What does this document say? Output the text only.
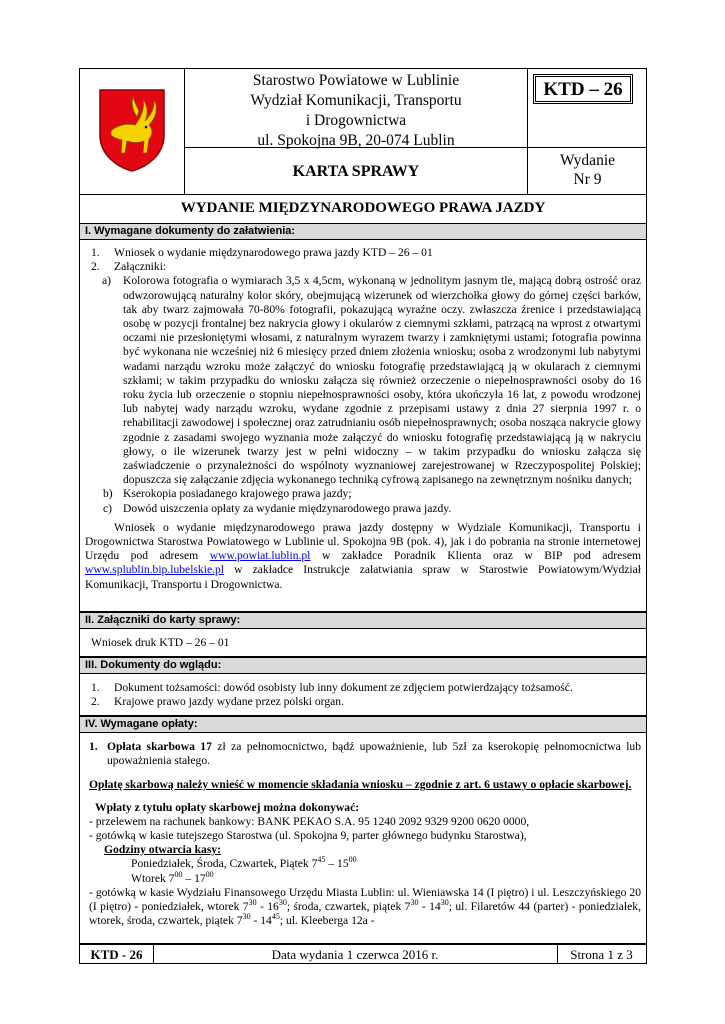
Starostwo Powiatowe w Lublinie
Wydział Komunikacji, Transportu
i Drogownictwa
ul. Spokojna 9B, 20-074 Lublin
KTD – 26
KARTA SPRAWY
Wydanie
Nr 9
WYDANIE MIĘDZYNARODOWEGO PRAWA JAZDY
I. Wymagane dokumenty do załatwienia:
1. Wniosek o wydanie międzynarodowego prawa jazdy KTD – 26 – 01
2. Załączniki:
a) Kolorowa fotografia o wymiarach 3,5 x 4,5cm, wykonaną w jednolitym jasnym tle, mającą dobrą ostrość oraz odwzorowującą naturalny kolor skóry, obejmującą wizerunek od wierzchołka głowy do górnej części barków, tak aby twarz zajmowała 70-80% fotografii, pokazującą wyraźne oczy. zwłaszcza źrenice i przedstawiającą osobę w pozycji frontalnej bez nakrycia głowy i okularów z ciemnymi szkłami, patrzącą na wprost z otwartymi oczami nie przesłoniętymi włosami, z naturalnym wyrazem twarzy i zamkniętymi ustami; fotografia powinna być wykonana nie wcześniej niż 6 miesięcy przed dniem złożenia wniosku; osoba z wrodzonymi lub nabytymi wadami narządu wzroku może załączyć do wniosku fotografię przedstawiającą ją w okularach z ciemnymi szkłami; w takim przypadku do wniosku załącza się również orzeczenie o niepełnosprawności osoby do 16 roku życia lub orzeczenie o stopniu niepełnosprawności osoby, która ukończyła 16 lat, z powodu wrodzonej lub nabytej wady narządu wzroku, wydane zgodnie z przepisami ustawy z dnia 27 sierpnia 1997 r. o rehabilitacji zawodowej i społecznej oraz zatrudnianiu osób niepełnosprawnych; osoba nosząca nakrycie głowy zgodnie z zasadami swojego wyznania może załączyć do wniosku fotografię przedstawiającą ją w nakryciu głowy, o ile wizerunek twarzy jest w pełni widoczny – w takim przypadku do wniosku załącza się zaświadczenie o przynależności do wspólnoty wyznaniowej zarejestrowanej w Rzeczypospolitej Polskiej; dopuszcza się załączanie zdjęcia wykonanego techniką cyfrową zapisanego na zewnętrznym nośniku danych;
b) Kserokopia posiadanego krajowego prawa jazdy;
c) Dowód uiszczenia opłaty za wydanie międzynarodowego prawa jazdy.
Wniosek o wydanie międzynarodowego prawa jazdy dostępny w Wydziale Komunikacji, Transportu i Drogownictwa Starostwa Powiatowego w Lublinie ul. Spokojna 9B (pok. 4), jak i do pobrania na stronie internetowej Urzędu pod adresem www.powiat.lublin.pl w zakładce Poradnik Klienta oraz w BIP pod adresem www.splublin.bip.lubelskie.pl w zakładce Instrukcje załatwiania spraw w Starostwie Powiatowym/Wydział Komunikacji, Transportu i Drogownictwa.
II. Załączniki do karty sprawy:
Wniosek druk KTD – 26 – 01
III. Dokumenty do wglądu:
1. Dokument tożsamości: dowód osobisty lub inny dokument ze zdjęciem potwierdzający tożsamość.
2. Krajowe prawo jazdy wydane przez polski organ.
IV. Wymagane opłaty:
1. Opłata skarbowa 17 zł za pełnomocnictwo, bądź upoważnienie, lub 5zł za kserokopię pełnomocnictwa lub upoważnienia stałego.
Opłatę skarbową należy wnieść w momencie składania wniosku – zgodnie z art. 6 ustawy o opłacie skarbowej.
Wpłaty z tytułu opłaty skarbowej można dokonywać:
- przelewem na rachunek bankowy: BANK PEKAO S.A. 95 1240 2092 9329 9200 0620 0000,
- gotówką w kasie tutejszego Starostwa (ul. Spokojna 9, parter głównego budynku Starostwa),
Godziny otwarcia kasy:
Poniedziałek, Środa, Czwartek, Piątek $7^{45} - 15^{00}$
Wtorek $7^{00} - 17^{00}$
- gotówką w kasie Wydziału Finansowego Urzędu Miasta Lublin: ul. Wieniawska 14 (I piętro) i ul. Leszczyńskiego 20 (I piętro) - poniedziałek, wtorek $7^{30} - 16^{30}$; środa, czwartek, piątek $7^{30} - 14^{30}$; ul. Filaretów 44 (parter) - poniedziałek, wtorek, środa, czwartek, piątek $7^{30} - 14^{45}$; ul. Kleeberga 12a -
KTD - 26	Data wydania 1 czerwca 2016 r.	Strona 1 z 3
